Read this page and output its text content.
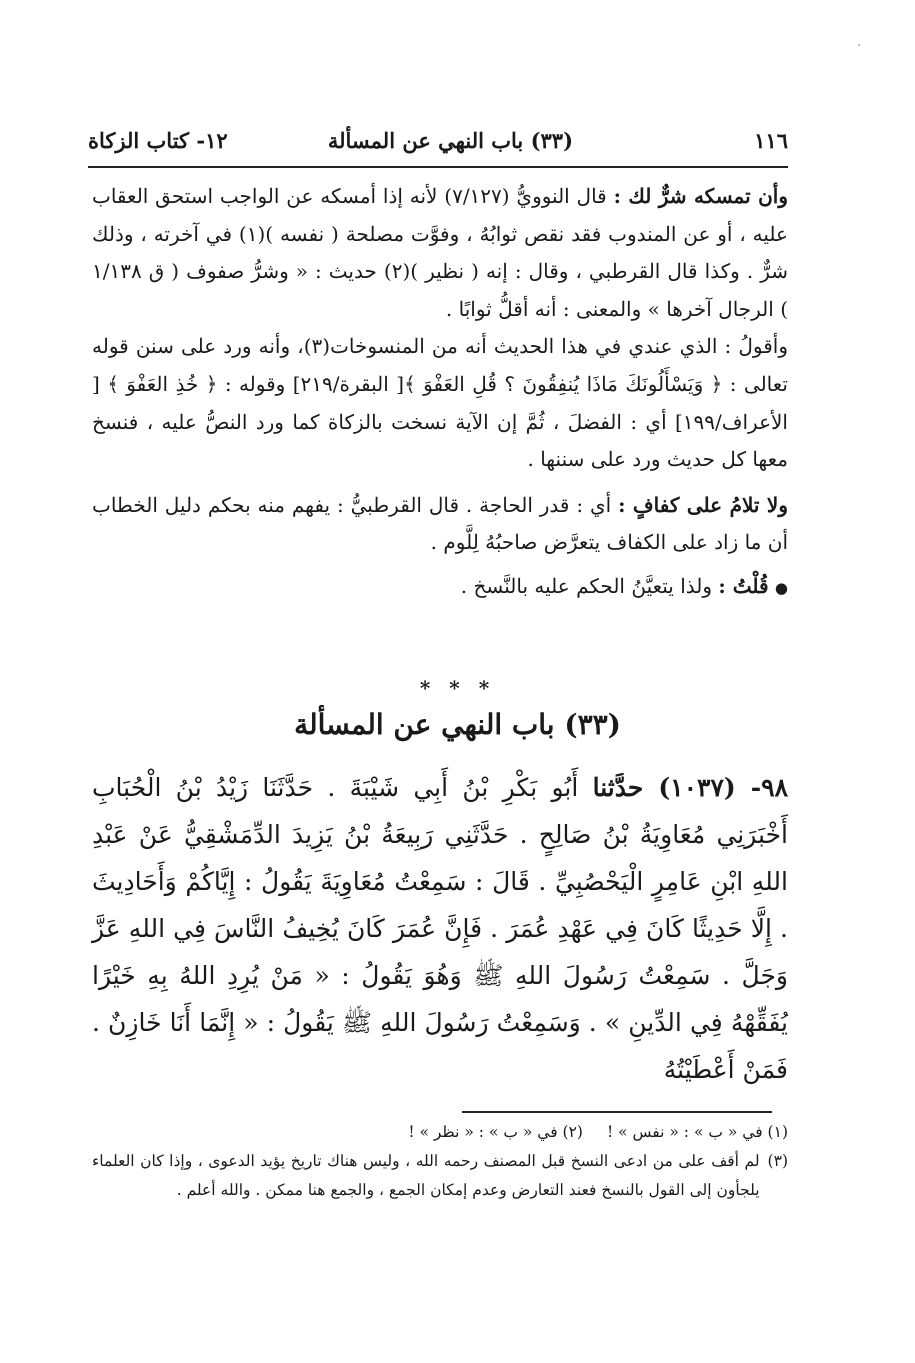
١١٦
(٣٣) باب النهي عن المسألة
١٢- كتاب الزكاة

وأن تمسكه شرٌّ لك : قال النوويُّ (٧/١٢٧) لأنه إذا أمسكه عن الواجب استحق العقاب عليه ، أو عن المندوب فقد نقص ثوابُهُ ، وفوَّت مصلحة ( نفسه )(١) في آخرته ، وذلك شرٌّ . وكذا قال القرطبي ، وقال : إنه ( نظير )(٢) حديث : « وشرُّ صفوف ( ق ١/١٣٨ ) الرجال آخرها » والمعنى : أنه أقلُّ ثوابًا .

وأقولُ : الذي عندي في هذا الحديث أنه من المنسوخات(٣)، وأنه ورد على سنن قوله تعالى : ﴿ وَيَسْأَلُونَكَ مَاذَا يُنفِقُونَ ؟ قُلِ العَفْوَ ﴾[ البقرة/٢١٩] وقوله : ﴿ خُذِ العَفْوَ ﴾ [ الأعراف/١٩٩] أي : الفضلَ ، ثُمَّ إن الآية نسخت بالزكاة كما ورد النصُّ عليه ، فنسخ معها كل حديث ورد على سننها .

ولا تلامُ على كفافٍ : أي : قدر الحاجة . قال القرطبيُّ : يفهم منه بحكم دليل الخطاب أن ما زاد على الكفاف يتعرَّض صاحبُهُ لِلَّوم .

● قُلْتُ : ولذا يتعيَّنُ الحكم عليه بالنَّسخ .

* * *
(٣٣) باب النهي عن المسألة

٩٨- (١٠٣٧) حدَّثنا أَبُو بَكْرِ بْنُ أَبِي شَيْبَةَ . حَدَّثَنَا زَيْدُ بْنُ الْحُبَابِ أَخْبَرَنِي مُعَاوِيَةُ بْنُ صَالِحٍ . حَدَّثَنِي رَبِيعَةُ بْنُ يَزِيدَ الدِّمَشْقِيُّ عَنْ عَبْدِ اللهِ ابْنِ عَامِرٍ الْيَحْصُبِيِّ . قَالَ : سَمِعْتُ مُعَاوِيَةَ يَقُولُ : إِيَّاكُمْ وَأَحَادِيثَ . إِلَّا حَدِيثًا كَانَ فِي عَهْدِ عُمَرَ . فَإِنَّ عُمَرَ كَانَ يُخِيفُ النَّاسَ فِي اللهِ عَزَّ وَجَلَّ . سَمِعْتُ رَسُولَ اللهِ ﷺ وَهُوَ يَقُولُ : « مَنْ يُرِدِ اللهُ بِهِ خَيْرًا يُفَقِّهْهُ فِي الدِّينِ » . وَسَمِعْتُ رَسُولَ اللهِ ﷺ يَقُولُ : « إِنَّمَا أَنَا خَازِنٌ . فَمَنْ أَعْطَيْتُهُ

(١) في « ب » : « نفس » !
(٢) في « ب » : « نظر » !
(٣)
لم أقف على من ادعى النسخ قبل المصنف رحمه الله ، وليس هناك تاريخ يؤيد الدعوى ، وإذا كان العلماء يلجأون إلى القول بالنسخ فعند التعارض وعدم إمكان الجمع ، والجمع هنا ممكن . والله أعلم .
